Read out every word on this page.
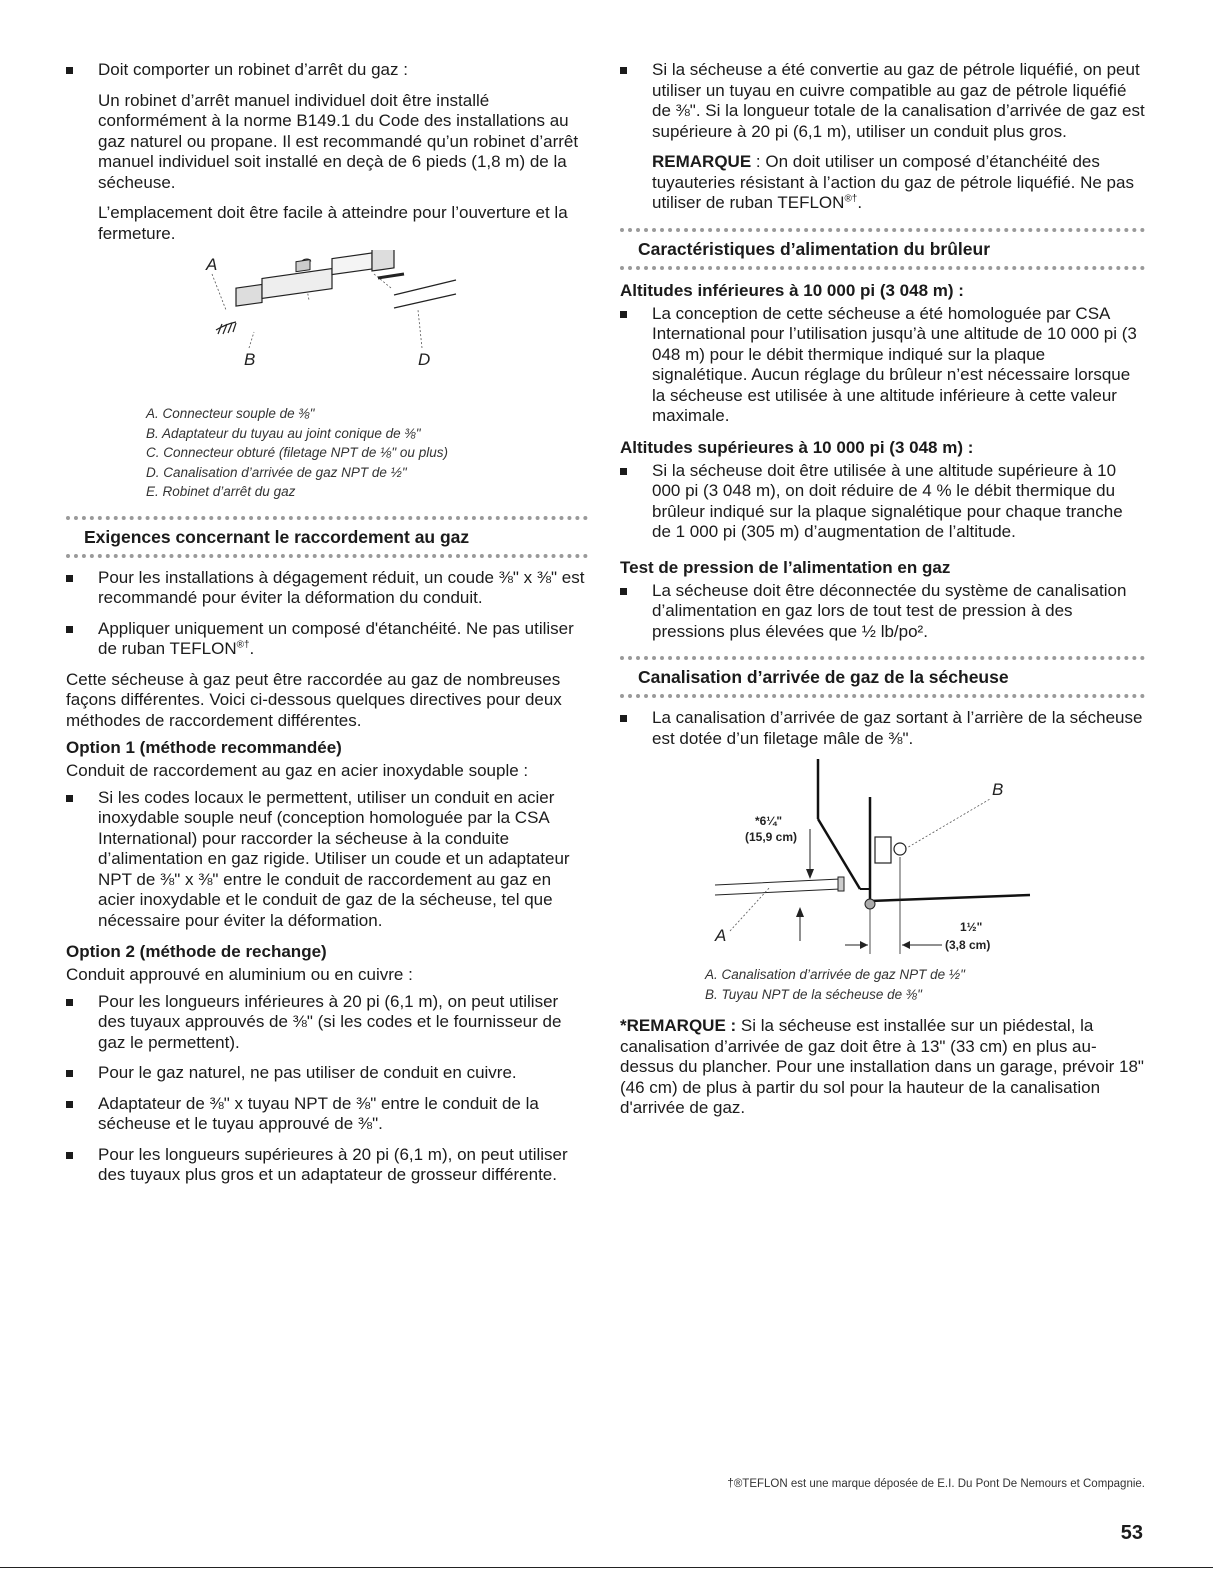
Doit comporter un robinet d’arrêt du gaz :

Un robinet d’arrêt manuel individuel doit être installé conformément à la norme B149.1 du Code des installations au gaz naturel ou propane. Il est recommandé qu’un robinet d’arrêt manuel individuel soit installé en deçà de 6 pieds (1,8 m) de la sécheuse.

L’emplacement doit être facile à atteindre pour l’ouverture et la fermeture.

A
B	D
A. Connecteur souple de ⅜"
B. Adaptateur du tuyau au joint conique de ⅜"
C. Connecteur obturé (filetage NPT de ⅛" ou plus)
D. Canalisation d’arrivée de gaz NPT de ½"
E. Robinet d’arrêt du gaz
Exigences concernant le raccordement au gaz
Pour les installations à dégagement réduit, un coude ⅜" x ⅜" est recommandé pour éviter la déformation du conduit.
Appliquer uniquement un composé d'étanchéité. Ne pas utiliser de ruban TEFLON®†.

Cette sécheuse à gaz peut être raccordée au gaz de nombreuses façons différentes. Voici ci-dessous quelques directives pour deux méthodes de raccordement différentes.

Option 1 (méthode recommandée)

Conduit de raccordement au gaz en acier inoxydable souple :

Si les codes locaux le permettent, utiliser un conduit en acier inoxydable souple neuf (conception homologuée par la CSA International) pour raccorder la sécheuse à la conduite d’alimentation en gaz rigide. Utiliser un coude et un adaptateur NPT de ⅜" x ⅜" entre le conduit de raccordement au gaz en acier inoxydable et le conduit de gaz de la sécheuse, tel que nécessaire pour éviter la déformation.
Option 2 (méthode de rechange)

Conduit approuvé en aluminium ou en cuivre :

Pour les longueurs inférieures à 20 pi (6,1 m), on peut utiliser des tuyaux approuvés de ⅜" (si les codes et le fournisseur de gaz le permettent).
Pour le gaz naturel, ne pas utiliser de conduit en cuivre.
Adaptateur de ⅜" x tuyau NPT de ⅜" entre le conduit de la sécheuse et le tuyau approuvé de ⅜".
Pour les longueurs supérieures à 20 pi (6,1 m), on peut utiliser des tuyaux plus gros et un adaptateur de grosseur différente.
Si la sécheuse a été convertie au gaz de pétrole liquéfié, on peut utiliser un tuyau en cuivre compatible au gaz de pétrole liquéfié de ⅜". Si la longueur totale de la canalisation d’arrivée de gaz est supérieure à 20 pi (6,1 m), utiliser un conduit plus gros.

REMARQUE : On doit utiliser un composé d’étanchéité des tuyauteries résistant à l’action du gaz de pétrole liquéfié. Ne pas utiliser de ruban TEFLON®†.

Caractéristiques d’alimentation du brûleur
Altitudes inférieures à 10 000 pi (3 048 m) :
La conception de cette sécheuse a été homologuée par CSA International pour l’utilisation jusqu’à une altitude de 10 000 pi (3 048 m) pour le débit thermique indiqué sur la plaque signalétique. Aucun réglage du brûleur n’est nécessaire lorsque la sécheuse est utilisée à une altitude inférieure à cette valeur maximale.
Altitudes supérieures à 10 000 pi (3 048 m) :
Si la sécheuse doit être utilisée à une altitude supérieure à 10 000 pi (3 048 m), on doit réduire de 4 % le débit thermique du brûleur indiqué sur la plaque signalétique pour chaque tranche de 1 000 pi (305 m) d’augmentation de l’altitude.
Test de pression de l’alimentation en gaz
La sécheuse doit être déconnectée du système de canalisation d’alimentation en gaz lors de tout test de pression à des pressions plus élevées que ½ lb/po².
Canalisation d’arrivée de gaz de la sécheuse
La canalisation d’arrivée de gaz sortant à l’arrière de la sécheuse est dotée d’un filetage mâle de ⅜".
*6¼"
(15,9 cm)
1½"
(3,8 cm)
A
B
A. Canalisation d’arrivée de gaz NPT de ½"
B. Tuyau NPT de la sécheuse de ⅜"

*REMARQUE : Si la sécheuse est installée sur un piédestal, la canalisation d’arrivée de gaz doit être à 13" (33 cm) en plus au-dessus du plancher. Pour une installation dans un garage, prévoir 18" (46 cm) de plus à partir du sol pour la hauteur de la canalisation d'arrivée de gaz.

†®TEFLON est une marque déposée de E.I. Du Pont De Nemours et Compagnie.
53
